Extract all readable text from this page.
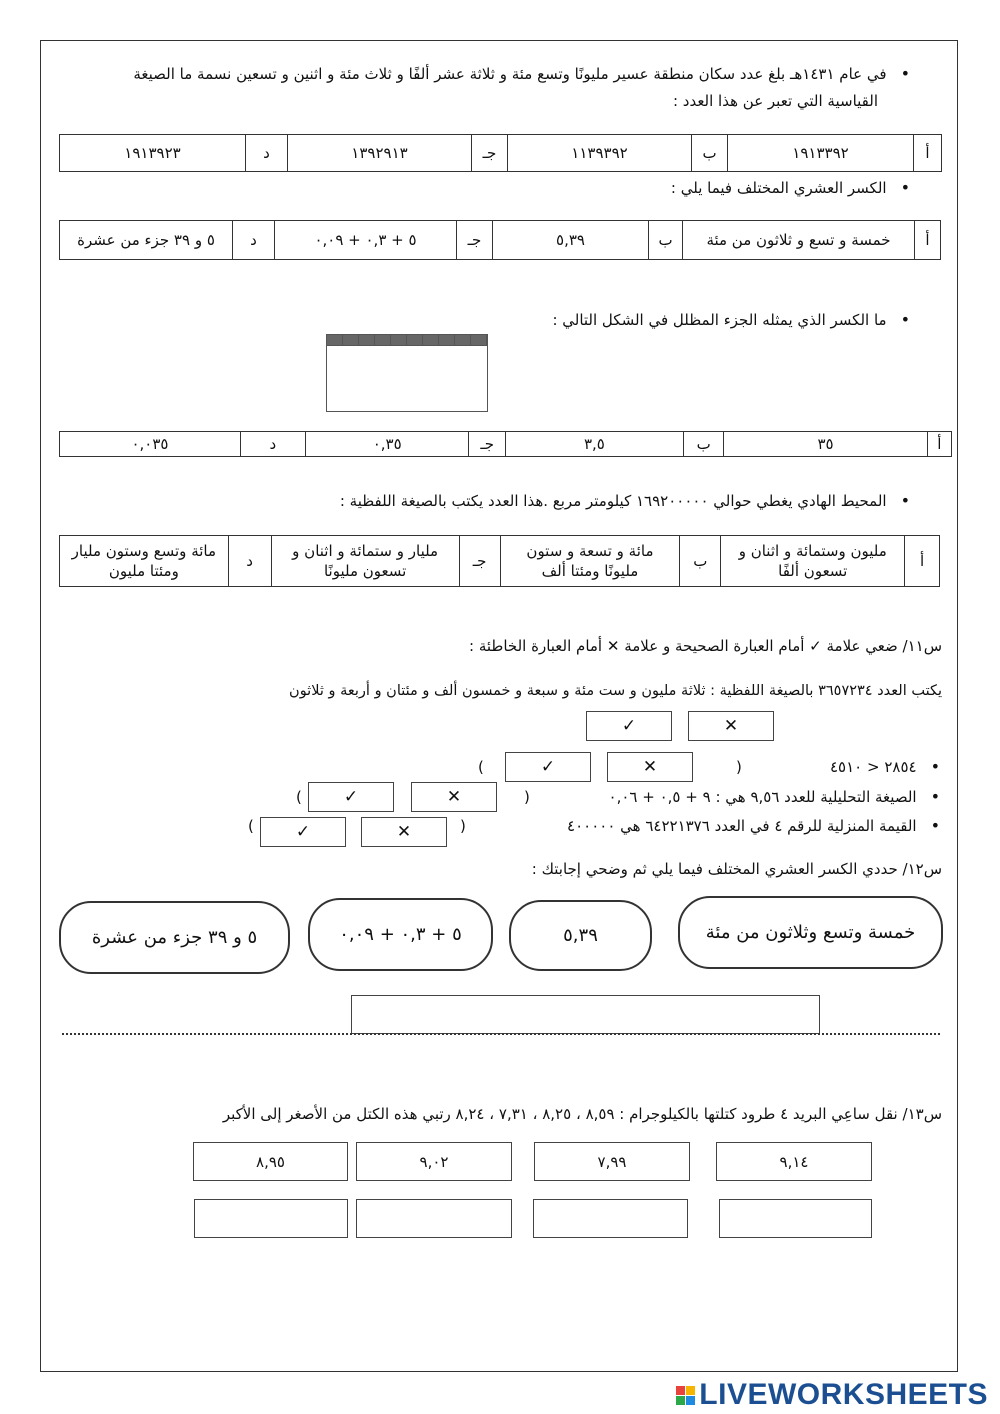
• في عام ١٤٣١هـ بلغ عدد سكان منطقة عسير مليونًا وتسع مئة و ثلاثة عشر ألفًا و ثلاث مئة و اثنين و تسعين نسمة ما الصيغة
القياسية التي تعبر عن هذا العدد :
أ	١٩١٣٣٩٢	ب	١١٣٩٣٩٢	جـ	١٣٩٢٩١٣	د	١٩١٣٩٢٣
• الكسر العشري المختلف فيما يلي :
أ	خمسة و تسع و ثلاثون من مئة	ب	٥,٣٩	جـ	٥ + ٠,٣ + ٠,٠٩	د	٥ و ٣٩ جزء من عشرة
• ما الكسر الذي يمثله الجزء المظلل في الشكل التالي :
أ	٣٥	ب	٣,٥	جـ	٠,٣٥	د	٠,٠٣٥
• المحيط الهادي يغطي حوالي ١٦٩٢٠٠٠٠٠ كيلومتر مربع .هذا العدد يكتب بالصيغة اللفظية :
أ	
مليون وستمائة و اثنان و
تسعون ألفًا
	ب	
مائة و تسعة و ستون
مليونًا ومئتا ألف
	جـ	
مليار و ستمائة و اثنان و
تسعون مليونًا
	د	
مائة وتسع وستون مليار
ومئتا مليون
س١١/ ضعي علامة ✓ أمام العبارة الصحيحة و علامة ✕ أمام العبارة الخاطئة :
يكتب العدد ٣٦٥٧٢٣٤ بالصيغة اللفظية : ثلاثة مليون و ست مئة و سبعة و خمسون ألف و مئتان و أربعة و ثلاثون
✕
✓
• ٢٨٥٤ < ٤٥١٠
(
✕
✓
)
• الصيغة التحليلية للعدد ٩,٥٦ هي : ٩ + ٠,٥ + ٠,٠٦
(
✕
✓
)
• القيمة المنزلية للرقم ٤ في العدد ٦٤٢٢١٣٧٦ هي ٤٠٠٠٠٠
(
✕
✓
)
س١٢/ حددي الكسر العشري المختلف فيما يلي ثم وضحي إجابتك :
خمسة وتسع وثلاثون من مئة
٥,٣٩
٥ + ٠,٣ + ٠,٠٩
٥ و ٣٩ جزء من عشرة
س١٣/ نقل ساعِي البريد ٤ طرود كتلتها بالكيلوجرام : ٨,٥٩ ، ٨,٢٥ ، ٧,٣١ ، ٨,٢٤ رتبي هذه الكتل من الأصغر إلى الأكبر
٩,١٤
٧,٩٩
٩,٠٢
٨,٩٥
LIVEWORKSHEETS
